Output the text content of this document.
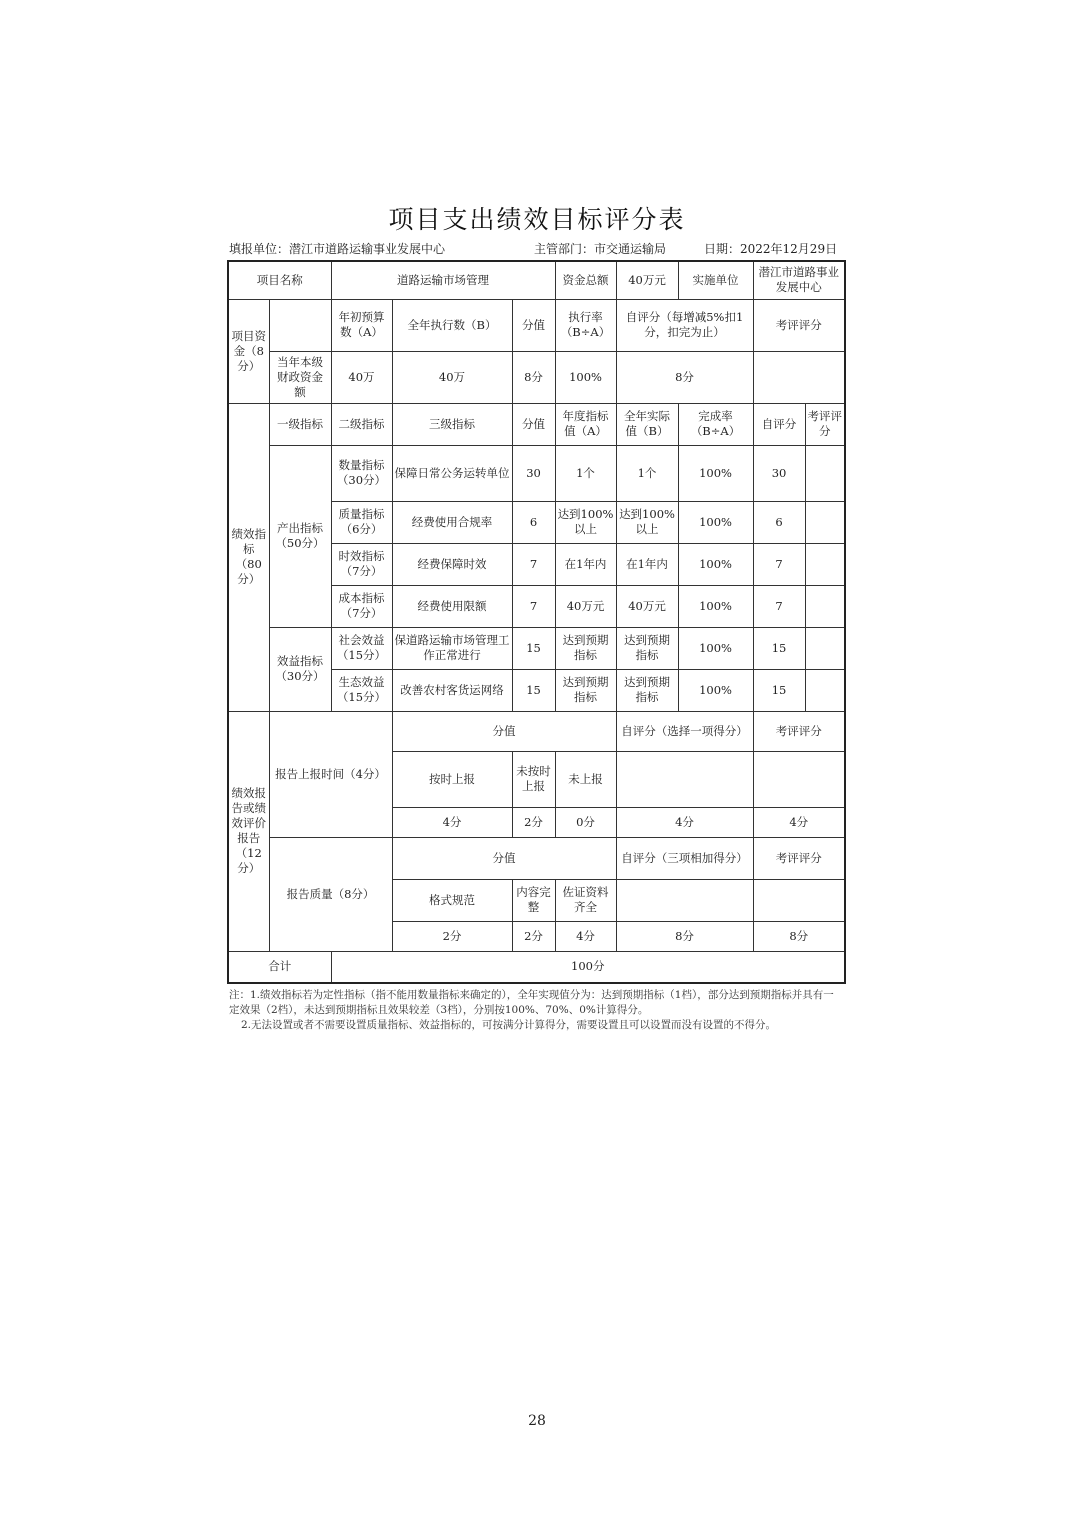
项目支出绩效目标评分表
填报单位：潜江市道路运输事业发展中心	主管部门：市交通运输局	日期：2022年12月29日
项目名称		道路运输市场管理			资金总额	40万元	实施单位	潜江市道路事业发展中心	
项目资金（8分）		年初预算数（A）	全年执行数（B）	分值	执行率（B÷A）	自评分（每增减5%扣1分，扣完为止）		考评评分	
	当年本级财政资金额	40万	40万	8分	100%	8分			
绩效指标（80分）	一级指标	二级指标	三级指标	分值	年度指标值（A）	全年实际值（B）	完成率（B÷A）	自评分	考评评分
	产出指标（50分）	数量指标（30分）	保障日常公务运转单位	30	1个	1个	100%	30	
		质量指标（6分）	经费使用合规率	6	达到100%以上	达到100%以上	100%	6	
		时效指标（7分）	经费保障时效	7	在1年内	在1年内	100%	7	
		成本指标（7分）	经费使用限额	7	40万元	40万元	100%	7	
	效益指标（30分）	社会效益（15分）	保道路运输市场管理工作正常进行	15	达到预期指标	达到预期指标	100%	15	
		生态效益（15分）	改善农村客货运网络	15	达到预期指标	达到预期指标	100%	15	
绩效报告或绩效评价报告（12分）	报告上报时间（4分）		分值			自评分（选择一项得分）		考评评分	
			按时上报	未按时上报	未上报				
			4分	2分	0分	4分		4分	
	报告质量（8分）		分值			自评分（三项相加得分）		考评评分	
			格式规范	内容完整	佐证资料齐全				
			2分	2分	4分	8分		8分	
合计		100分							

注：1.绩效指标若为定性指标（指不能用数量指标来确定的），全年实现值分为：达到预期指标（1档），部分达到预期指标并具有一定效果（2档），未达到预期指标且效果较差（3档），分别按100%、70%、0%计算得分。

2.无法设置或者不需要设置质量指标、效益指标的，可按满分计算得分，需要设置且可以设置而没有设置的不得分。

28
